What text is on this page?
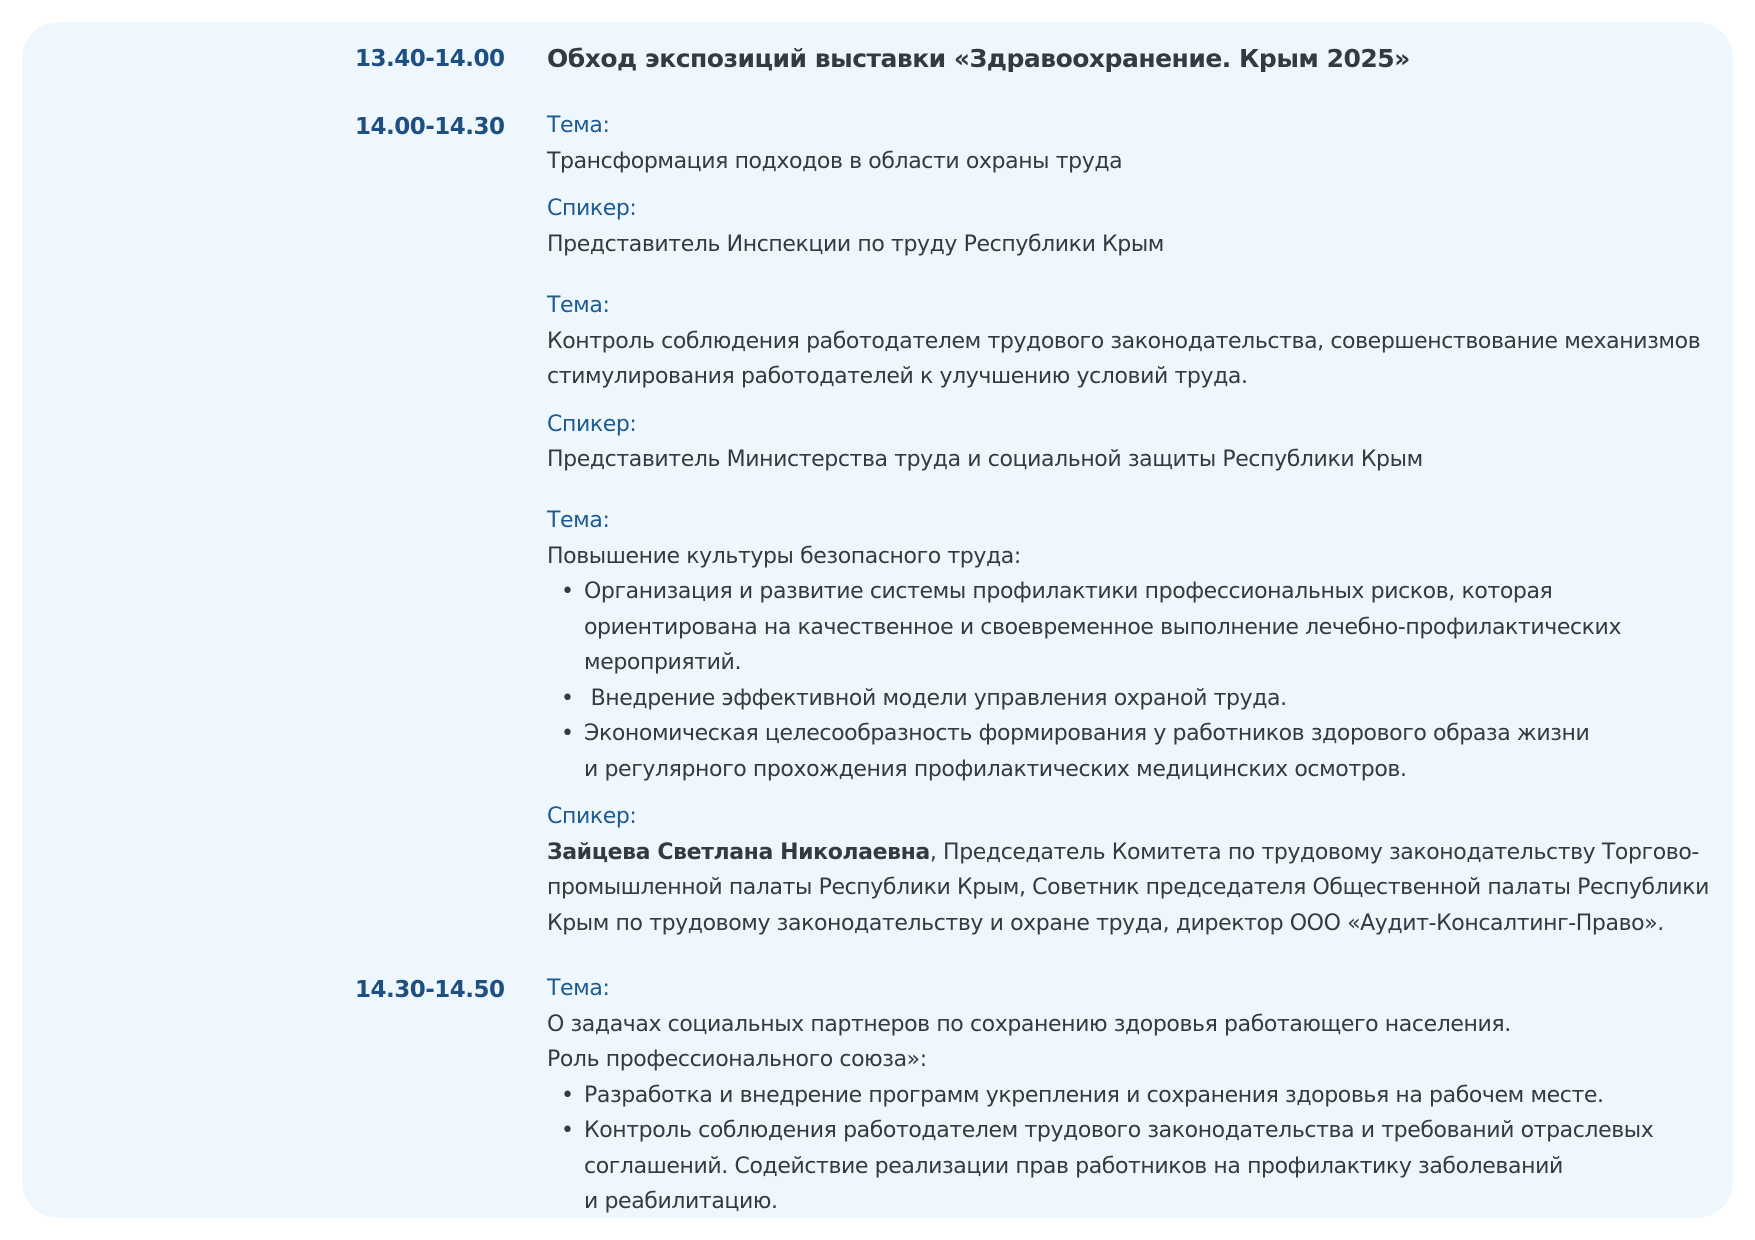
13.40-14.00	Обход экспозиций выставки «Здравоохранение. Крым 2025»
14.00-14.30	Тема:

Трансформация подходов в области охраны труда

Спикер:

Представитель Инспекции по труду Республики Крым

Тема:

Контроль соблюдения работодателем трудового законодательства, совершенствование механизмов

стимулирования работодателей к улучшению условий труда.

Спикер:

Представитель Министерства труда и социальной защиты Республики Крым

Тема:

Повышение культуры безопасного труда:

• Организация и развитие системы профилактики профессиональных рисков, которая
ориентирована на качественное и своевременное выполнение лечебно-профилактических
мероприятий.
• Внедрение эффективной модели управления охраной труда.
• Экономическая целесообразность формирования у работников здорового образа жизни
и регулярного прохождения профилактических медицинских осмотров.

Спикер:

Зайцева Светлана Николаевна, Председатель Комитета по трудовому законодательству Торгово-

промышленной палаты Республики Крым, Советник председателя Общественной палаты Республики

Крым по трудовому законодательству и охране труда, директор ООО «Аудит-Консалтинг-Право».

14.30-14.50	Тема:

О задачах социальных партнеров по сохранению здоровья работающего населения.

Роль профессионального союза»:

• Разработка и внедрение программ укрепления и сохранения здоровья на рабочем месте.
• Контроль соблюдения работодателем трудового законодательства и требований отраслевых
соглашений. Содействие реализации прав работников на профилактику заболеваний
и реабилитацию.
